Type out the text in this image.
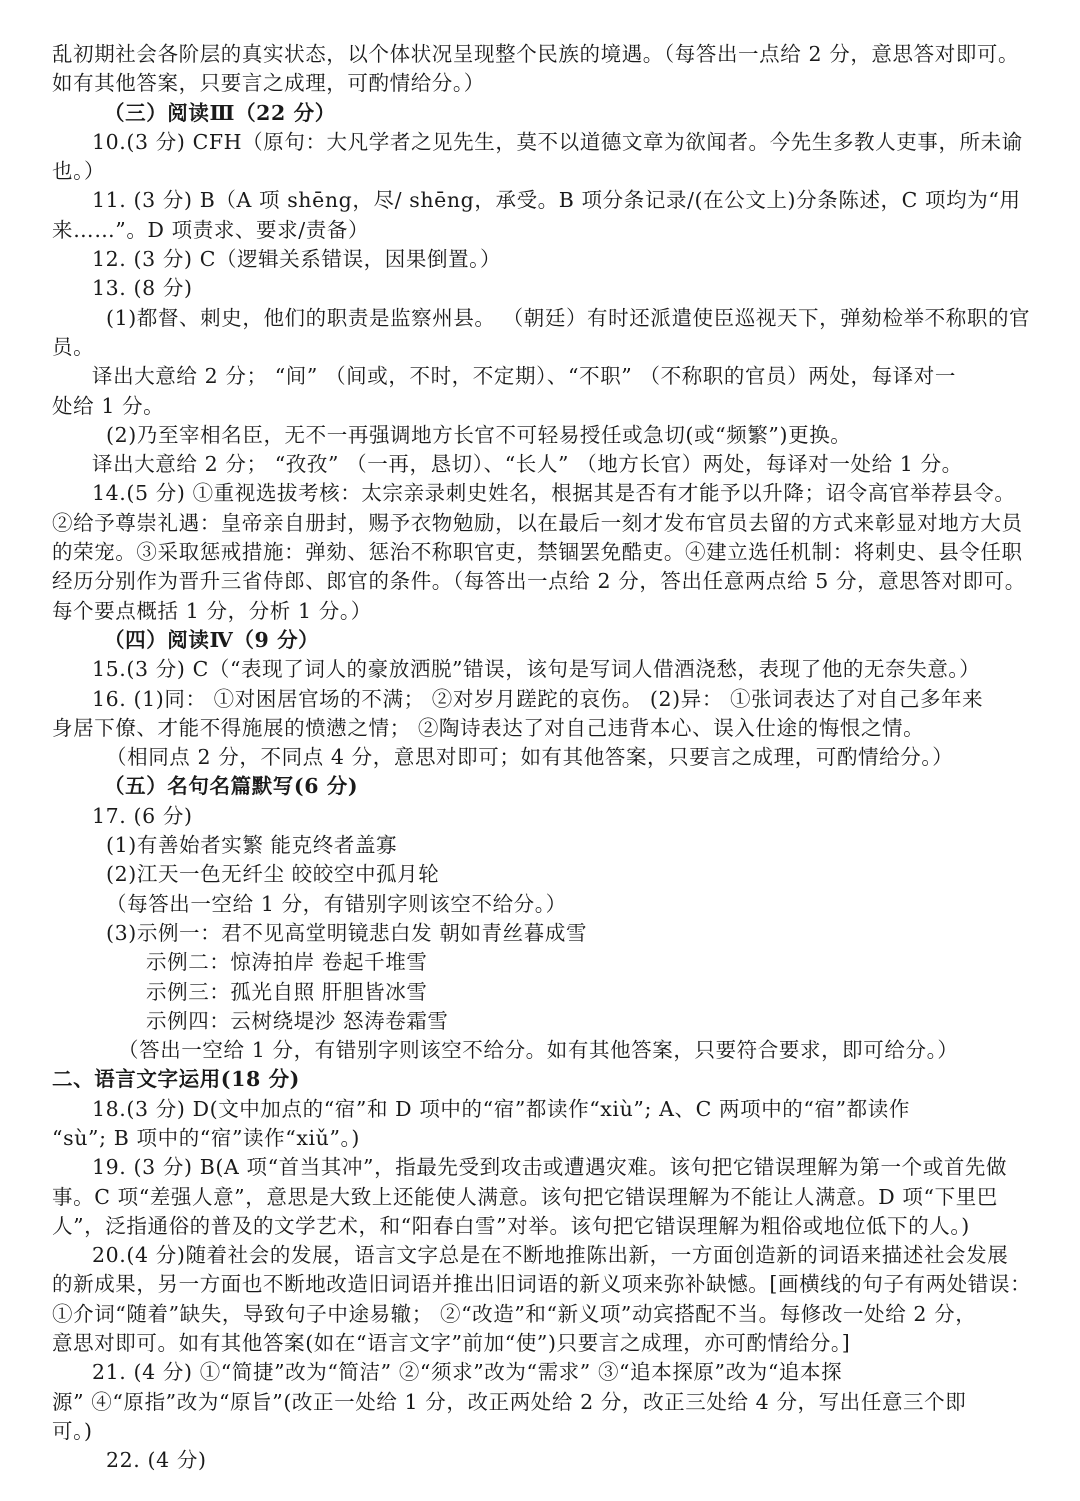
乱初期社会各阶层的真实状态，以个体状况呈现整个民族的境遇。（每答出一点给 2 分，意思答对即可。
如有其他答案，只要言之成理，可酌情给分。）
（三）阅读Ⅲ（22 分）
10.(3 分) CFH（原句：大凡学者之见先生，莫不以道德文章为欲闻者。今先生多教人吏事，所未谕
也。）
11. (3 分) B（A 项 shēng，尽/ shēng，承受。B 项分条记录/(在公文上)分条陈述，C 项均为“用
来……”。D 项责求、要求/责备）
12. (3 分) C（逻辑关系错误，因果倒置。）
13. (8 分)
(1)都督、刺史，他们的职责是监察州县。 （朝廷）有时还派遣使臣巡视天下，弹劾检举不称职的官
员。
译出大意给 2 分； “间” （间或，不时，不定期）、“不职” （不称职的官员）两处，每译对一
处给 1 分。
(2)乃至宰相名臣，无不一再强调地方长官不可轻易授任或急切(或“频繁”)更换。
译出大意给 2 分； “孜孜” （一再，恳切）、“长人” （地方长官）两处，每译对一处给 1 分。
14.(5 分) ①重视选拔考核：太宗亲录刺史姓名，根据其是否有才能予以升降；诏令高官举荐县令。
②给予尊崇礼遇：皇帝亲自册封，赐予衣物勉励，以在最后一刻才发布官员去留的方式来彰显对地方大员
的荣宠。③采取惩戒措施：弹劾、惩治不称职官吏，禁锢罢免酷吏。④建立选任机制：将刺史、县令任职
经历分别作为晋升三省侍郎、郎官的条件。（每答出一点给 2 分，答出任意两点给 5 分，意思答对即可。
每个要点概括 1 分，分析 1 分。）
（四）阅读Ⅳ（9 分）
15.(3 分) C（“表现了词人的豪放洒脱”错误，该句是写词人借酒浇愁，表现了他的无奈失意。）
16. (1)同： ①对困居官场的不满； ②对岁月蹉跎的哀伤。 (2)异： ①张词表达了对自己多年来
身居下僚、才能不得施展的愤懑之情； ②陶诗表达了对自己违背本心、误入仕途的悔恨之情。
（相同点 2 分，不同点 4 分，意思对即可；如有其他答案，只要言之成理，可酌情给分。）
（五）名句名篇默写(6 分)
17. (6 分)
(1)有善始者实繁 能克终者盖寡
(2)江天一色无纤尘 皎皎空中孤月轮
（每答出一空给 1 分，有错别字则该空不给分。）
(3)示例一：君不见高堂明镜悲白发 朝如青丝暮成雪
示例二：惊涛拍岸 卷起千堆雪
示例三：孤光自照 肝胆皆冰雪
示例四：云树绕堤沙 怒涛卷霜雪
（答出一空给 1 分，有错别字则该空不给分。如有其他答案，只要符合要求，即可给分。）
二、语言文字运用(18 分)
18.(3 分) D(文中加点的“宿”和 D 项中的“宿”都读作“xiù”; A、C 两项中的“宿”都读作
“sù”; B 项中的“宿”读作“xiǔ”。)
19. (3 分) B(A 项“首当其冲”，指最先受到攻击或遭遇灾难。该句把它错误理解为第一个或首先做
事。C 项“差强人意”，意思是大致上还能使人满意。该句把它错误理解为不能让人满意。D 项“下里巴
人”，泛指通俗的普及的文学艺术，和“阳春白雪”对举。该句把它错误理解为粗俗或地位低下的人。)
20.(4 分)随着社会的发展，语言文字总是在不断地推陈出新，一方面创造新的词语来描述社会发展
的新成果，另一方面也不断地改造旧词语并推出旧词语的新义项来弥补缺憾。[画横线的句子有两处错误：
①介词“随着”缺失，导致句子中途易辙； ②“改造”和“新义项”动宾搭配不当。每修改一处给 2 分，
意思对即可。如有其他答案(如在“语言文字”前加“使”)只要言之成理，亦可酌情给分。]
21. (4 分) ①“简捷”改为“简洁” ②“须求”改为“需求” ③“追本探原”改为“追本探
源” ④“原指”改为“原旨”(改正一处给 1 分，改正两处给 2 分，改正三处给 4 分，写出任意三个即
可。)
22. (4 分)
